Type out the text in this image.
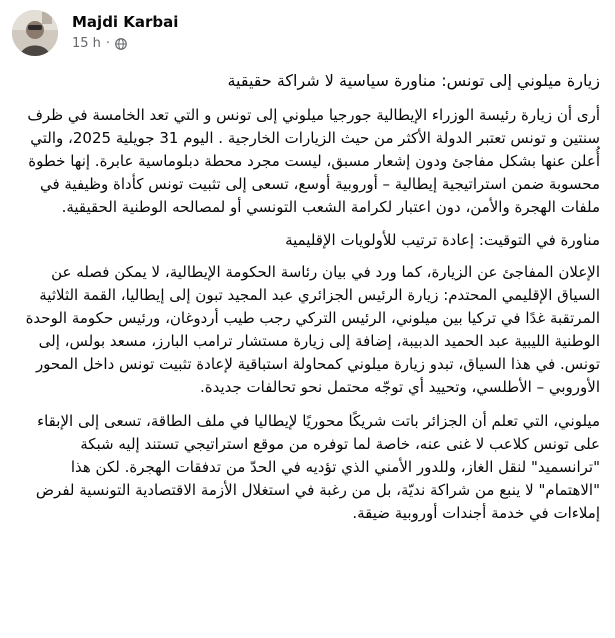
Majdi Karbai
15 h ·

زيارة ميلوني إلى تونس: مناورة سياسية لا شراكة حقيقية

أرى أن زيارة رئيسة الوزراء الإيطالية جورجيا ميلوني إلى تونس و التي تعد الخامسة في ظرف سنتين و تونس تعتبر الدولة الأكثر من حيث الزيارات الخارجية . اليوم 31 جويلية 2025، والتي أُعلن عنها بشكل مفاجئ ودون إشعار مسبق، ليست مجرد محطة دبلوماسية عابرة. إنها خطوة محسوبة ضمن استراتيجية إيطالية – أوروبية أوسع، تسعى إلى تثبيت تونس كأداة وظيفية في ملفات الهجرة والأمن، دون اعتبار لكرامة الشعب التونسي أو لمصالحه الوطنية الحقيقية.

مناورة في التوقيت: إعادة ترتيب للأولويات الإقليمية

الإعلان المفاجئ عن الزيارة، كما ورد في بيان رئاسة الحكومة الإيطالية، لا يمكن فصله عن السياق الإقليمي المحتدم: زيارة الرئيس الجزائري عبد المجيد تبون إلى إيطاليا، القمة الثلاثية المرتقبة غدًا في تركيا بين ميلوني، الرئيس التركي رجب طيب أردوغان، ورئيس حكومة الوحدة الوطنية الليبية عبد الحميد الدبيبة، إضافة إلى زيارة مستشار ترامب البارز، مسعد بولس، إلى تونس. في هذا السياق، تبدو زيارة ميلوني كمحاولة استباقية لإعادة تثبيت تونس داخل المحور الأوروبي – الأطلسي، وتحييد أي توجّه محتمل نحو تحالفات جديدة.

ميلوني، التي تعلم أن الجزائر باتت شريكًا محوريًا لإيطاليا في ملف الطاقة، تسعى إلى الإبقاء على تونس كلاعب لا غنى عنه، خاصة لما توفره من موقع استراتيجي تستند إليه شبكة "ترانسميد" لنقل الغاز، وللدور الأمني الذي تؤديه في الحدّ من تدفقات الهجرة. لكن هذا "الاهتمام" لا ينبع من شراكة نديّة، بل من رغبة في استغلال الأزمة الاقتصادية التونسية لفرض إملاءات في خدمة أجندات أوروبية ضيقة.
